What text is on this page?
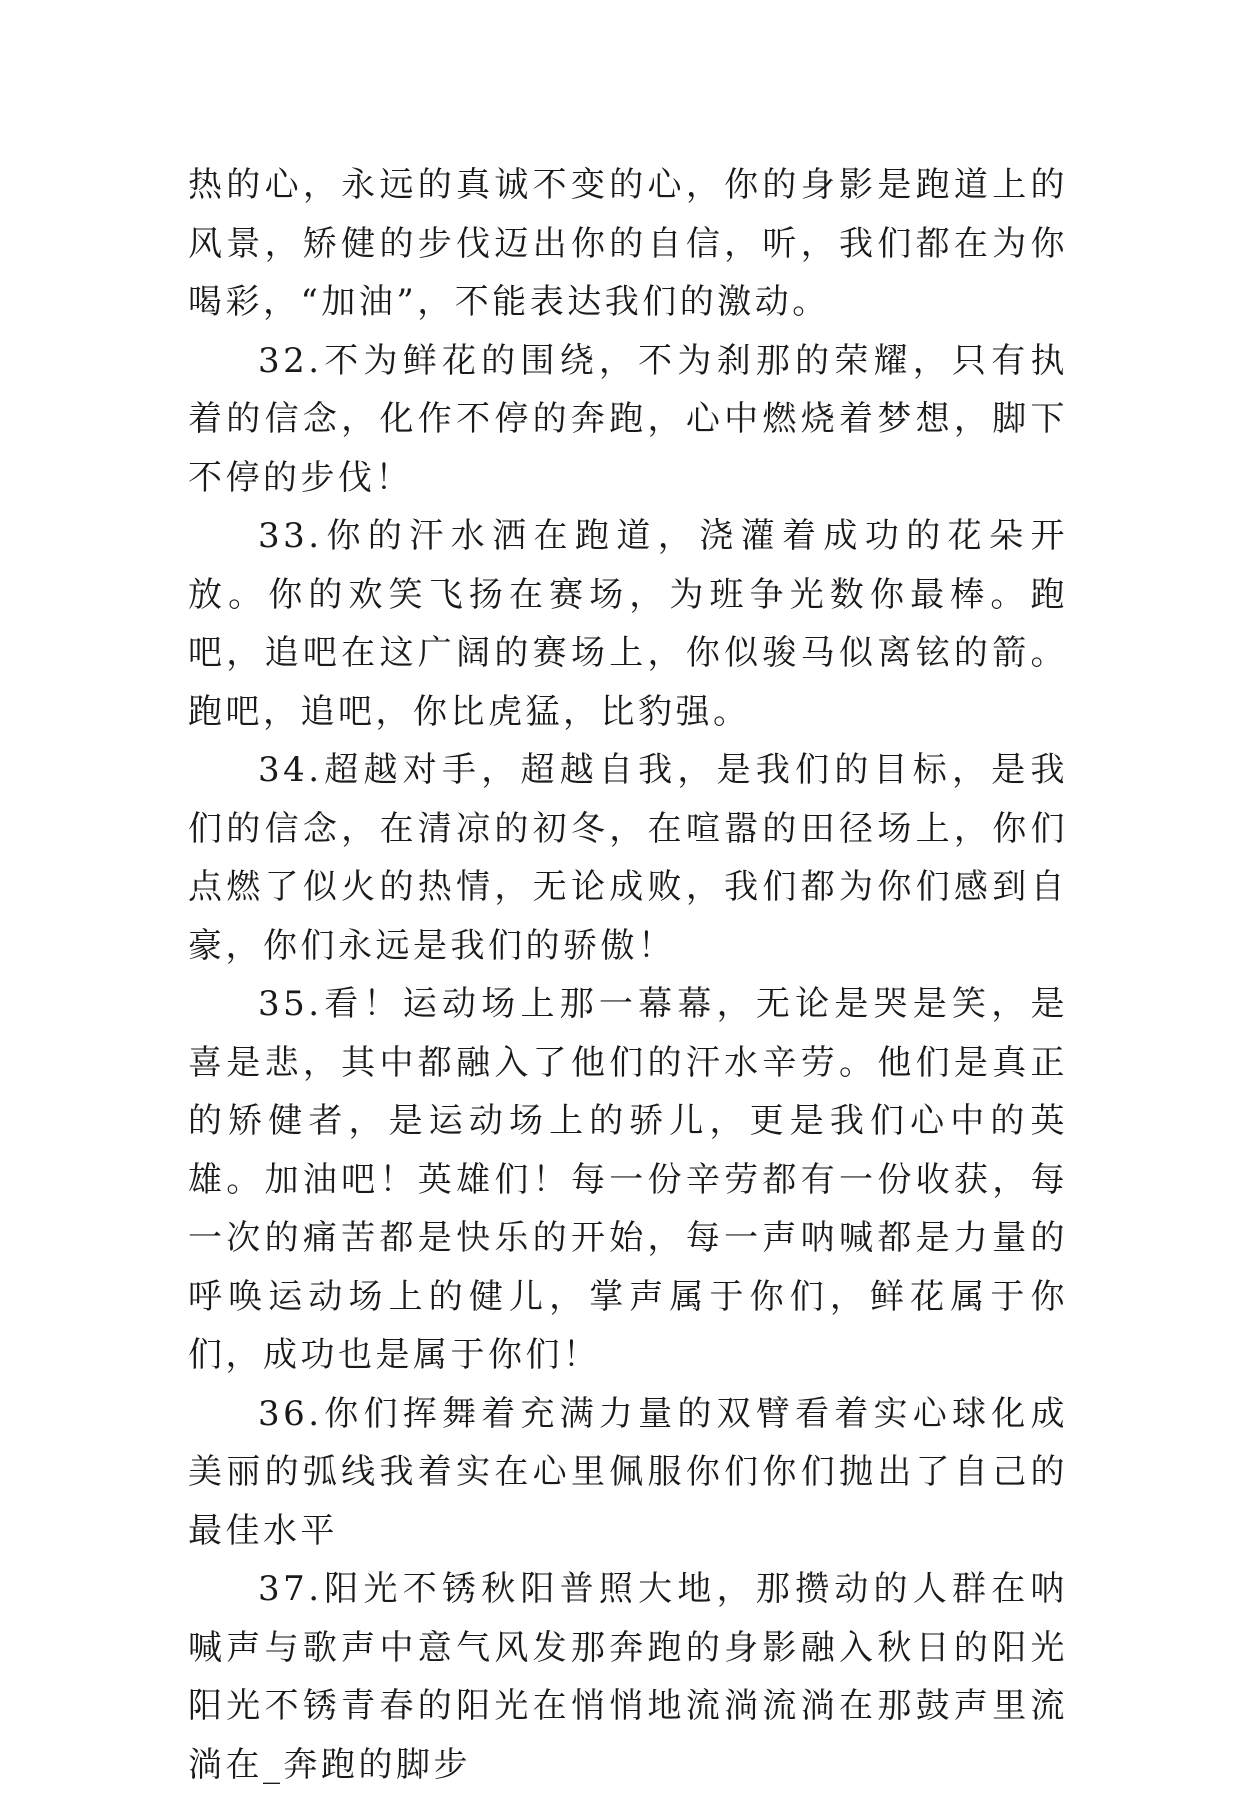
热的心，永远的真诚不变的心，你的身影是跑道上的风景，矫健的步伐迈出你的自信，听，我们都在为你喝彩，“加油”，不能表达我们的激动。

32.不为鲜花的围绕，不为刹那的荣耀，只有执着的信念，化作不停的奔跑，心中燃烧着梦想，脚下不停的步伐！

33.你的汗水洒在跑道，浇灌着成功的花朵开放。你的欢笑飞扬在赛场，为班争光数你最棒。跑吧，追吧在这广阔的赛场上，你似骏马似离铉的箭。跑吧，追吧，你比虎猛，比豹强。

34.超越对手，超越自我，是我们的目标，是我们的信念，在清凉的初冬，在喧嚣的田径场上，你们点燃了似火的热情，无论成败，我们都为你们感到自豪，你们永远是我们的骄傲！

35.看！运动场上那一幕幕，无论是哭是笑，是喜是悲，其中都融入了他们的汗水辛劳。他们是真正的矫健者，是运动场上的骄儿，更是我们心中的英雄。加油吧！英雄们！每一份辛劳都有一份收获，每一次的痛苦都是快乐的开始，每一声呐喊都是力量的呼唤运动场上的健儿，掌声属于你们，鲜花属于你们，成功也是属于你们！

36.你们挥舞着充满力量的双臂看着实心球化成美丽的弧线我着实在心里佩服你们你们抛出了自己的最佳水平

37.阳光不锈秋阳普照大地，那攒动的人群在呐喊声与歌声中意气风发那奔跑的身影融入秋日的阳光阳光不锈青春的阳光在悄悄地流淌流淌在那鼓声里流淌在_奔跑的脚步
